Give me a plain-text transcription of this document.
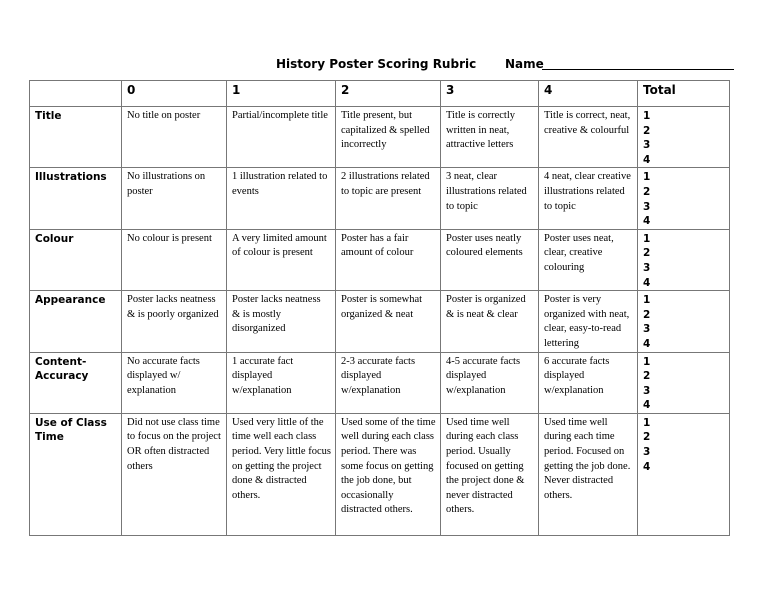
History Poster Scoring Rubric Name
	0	1	2	3	4	Total
Title	No title on poster	Partial/incomplete title	Title present, but capitalized & spelled incorrectly	Title is correctly written in neat, attractive letters	Title is correct, neat, creative & colourful	1
2
3
4

Illustrations	No illustrations on poster	1 illustration related to events	2 illustrations related to topic are present	3 neat, clear illustrations related to topic	4 neat, clear creative illustrations related to topic	1
2
3
4

Colour	No colour is present	A very limited amount of colour is present	Poster has a fair amount of colour	Poster uses neatly coloured elements	Poster uses neat, clear, creative colouring	1
2
3
4

Appearance	Poster lacks neatness & is poorly organized	Poster lacks neatness & is mostly disorganized	Poster is somewhat organized & neat	Poster is organized & is neat & clear	Poster is very organized with neat, clear, easy-to-read lettering	1
2
3
4

Content-Accuracy	No accurate facts displayed w/ explanation	1 accurate fact displayed w/explanation	2-3 accurate facts displayed w/explanation	4-5 accurate facts displayed w/explanation	6 accurate facts displayed w/explanation	1
2
3
4

Use of Class Time	Did not use class time to focus on the project OR often distracted others	Used very little of the time well each class period. Very little focus on getting the project done & distracted others.	Used some of the time well during each class period. There was some focus on getting the job done, but occasionally distracted others.	Used time well during each class period. Usually focused on getting the project done & never distracted others.	Used time well during each time period. Focused on getting the job done. Never distracted others.	1
2
3
4
